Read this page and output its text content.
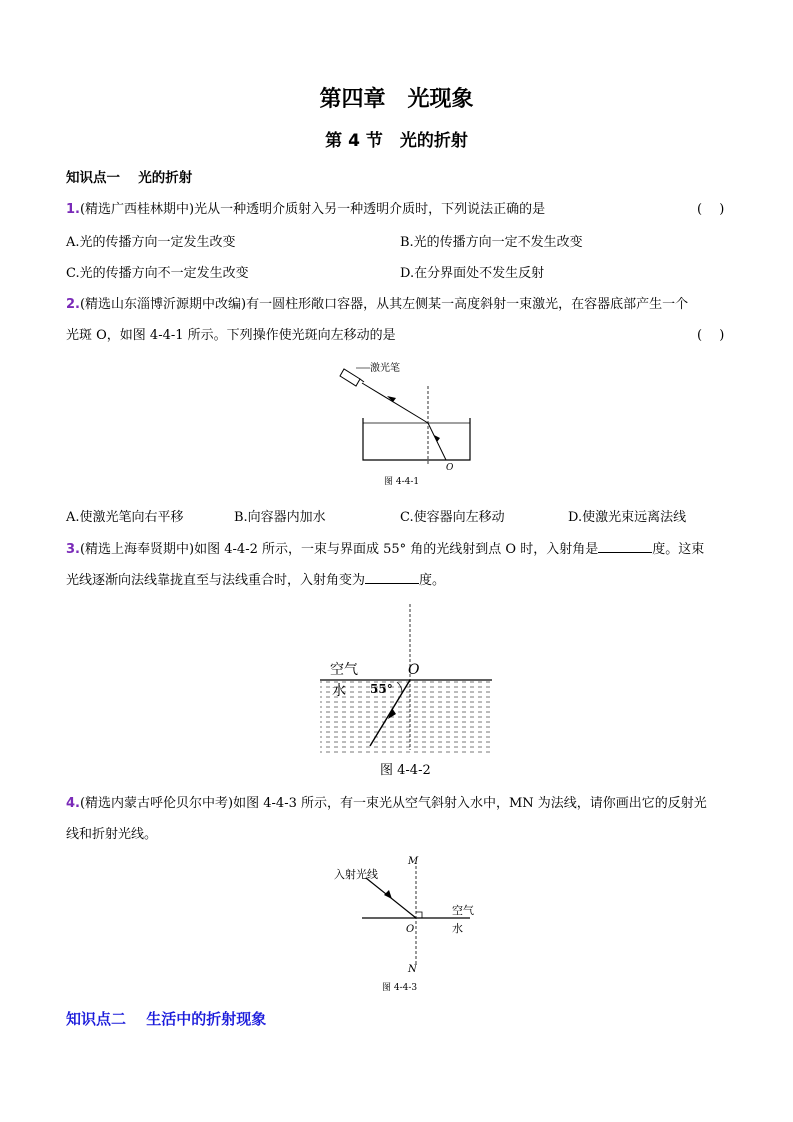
第四章　光现象
第 4 节　光的折射
知识点一　 光的折射
1.(精选广西桂林期中)光从一种透明介质射入另一种透明介质时，下列说法正确的是	(　 )
A.光的传播方向一定发生改变	B.光的传播方向一定不发生改变
C.光的传播方向不一定发生改变	D.在分界面处不发生反射
2.(精选山东淄博沂源期中改编)有一圆柱形敞口容器，从其左侧某一高度斜射一束激光，在容器底部产生一个
光斑 O，如图 4-4-1 所示。下列操作使光斑向左移动的是	(　 )
激光笔
O
图 4-4-1
A.使激光笔向右平移	B.向容器内加水	C.使容器向左移动	D.使激光束远离法线
3.(精选上海奉贤期中)如图 4-4-2 所示，一束与界面成 55° 角的光线射到点 O 时，入射角是	度。这束
光线逐渐向法线靠拢直至与法线重合时，入射角变为	度。
空气	O
水 55°
图 4-4-2
4.(精选内蒙古呼伦贝尔中考)如图 4-4-3 所示，有一束光从空气斜射入水中，MN 为法线，请你画出它的反射光
线和折射光线。
M
入射光线
空气
O	水
N
图 4-4-3
知识点二　 生活中的折射现象
